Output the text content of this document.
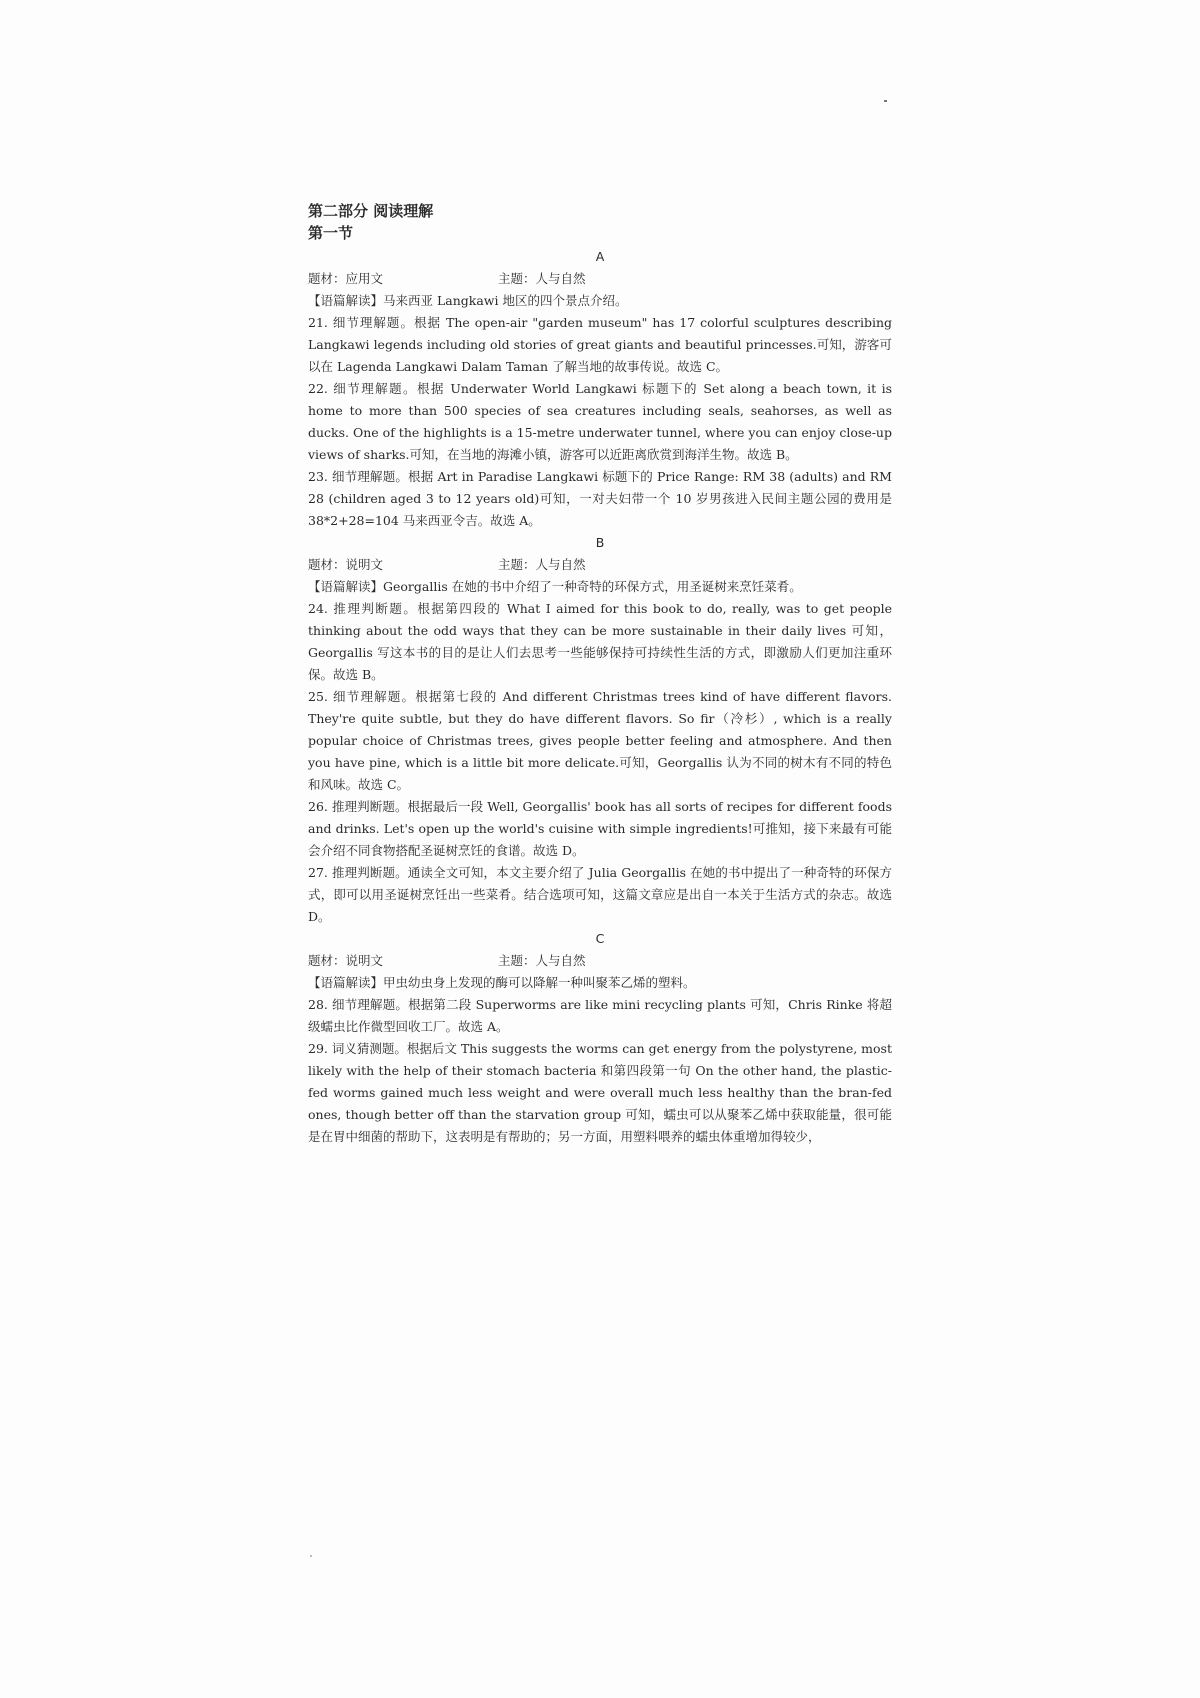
第二部分 阅读理解
第一节
A
题材：应用文	主题：人与自然

【语篇解读】马来西亚 Langkawi 地区的四个景点介绍。

21. 细节理解题。根据 The open-air "garden museum" has 17 colorful sculptures describing Langkawi legends including old stories of great giants and beautiful princesses.可知，游客可以在 Lagenda Langkawi Dalam Taman 了解当地的故事传说。故选 C。

22. 细节理解题。根据 Underwater World Langkawi 标题下的 Set along a beach town, it is home to more than 500 species of sea creatures including seals, seahorses, as well as ducks. One of the highlights is a 15-metre underwater tunnel, where you can enjoy close-up views of sharks.可知，在当地的海滩小镇，游客可以近距离欣赏到海洋生物。故选 B。

23. 细节理解题。根据 Art in Paradise Langkawi 标题下的 Price Range: RM 38 (adults) and RM 28 (children aged 3 to 12 years old)可知，一对夫妇带一个 10 岁男孩进入民间主题公园的费用是 38*2+28=104 马来西亚令吉。故选 A。

B
题材：说明文	主题：人与自然

【语篇解读】Georgallis 在她的书中介绍了一种奇特的环保方式，用圣诞树来烹饪菜肴。

24. 推理判断题。根据第四段的 What I aimed for this book to do, really, was to get people thinking about the odd ways that they can be more sustainable in their daily lives 可知，Georgallis 写这本书的目的是让人们去思考一些能够保持可持续性生活的方式，即激励人们更加注重环保。故选 B。

25. 细节理解题。根据第七段的 And different Christmas trees kind of have different flavors. They're quite subtle, but they do have different flavors. So fir（冷杉）, which is a really popular choice of Christmas trees, gives people better feeling and atmosphere. And then you have pine, which is a little bit more delicate.可知，Georgallis 认为不同的树木有不同的特色和风味。故选 C。

26. 推理判断题。根据最后一段 Well, Georgallis' book has all sorts of recipes for different foods and drinks. Let's open up the world's cuisine with simple ingredients!可推知，接下来最有可能会介绍不同食物搭配圣诞树烹饪的食谱。故选 D。

27. 推理判断题。通读全文可知，本文主要介绍了 Julia Georgallis 在她的书中提出了一种奇特的环保方式，即可以用圣诞树烹饪出一些菜肴。结合选项可知，这篇文章应是出自一本关于生活方式的杂志。故选 D。

C
题材：说明文	主题：人与自然

【语篇解读】甲虫幼虫身上发现的酶可以降解一种叫聚苯乙烯的塑料。

28. 细节理解题。根据第二段 Superworms are like mini recycling plants 可知，Chris Rinke 将超级蠕虫比作微型回收工厂。故选 A。

29. 词义猜测题。根据后文 This suggests the worms can get energy from the polystyrene, most likely with the help of their stomach bacteria 和第四段第一句 On the other hand, the plastic-fed worms gained much less weight and were overall much less healthy than the bran-fed ones, though better off than the starvation group 可知，蠕虫可以从聚苯乙烯中获取能量，很可能是在胃中细菌的帮助下，这表明是有帮助的；另一方面，用塑料喂养的蠕虫体重增加得较少，
